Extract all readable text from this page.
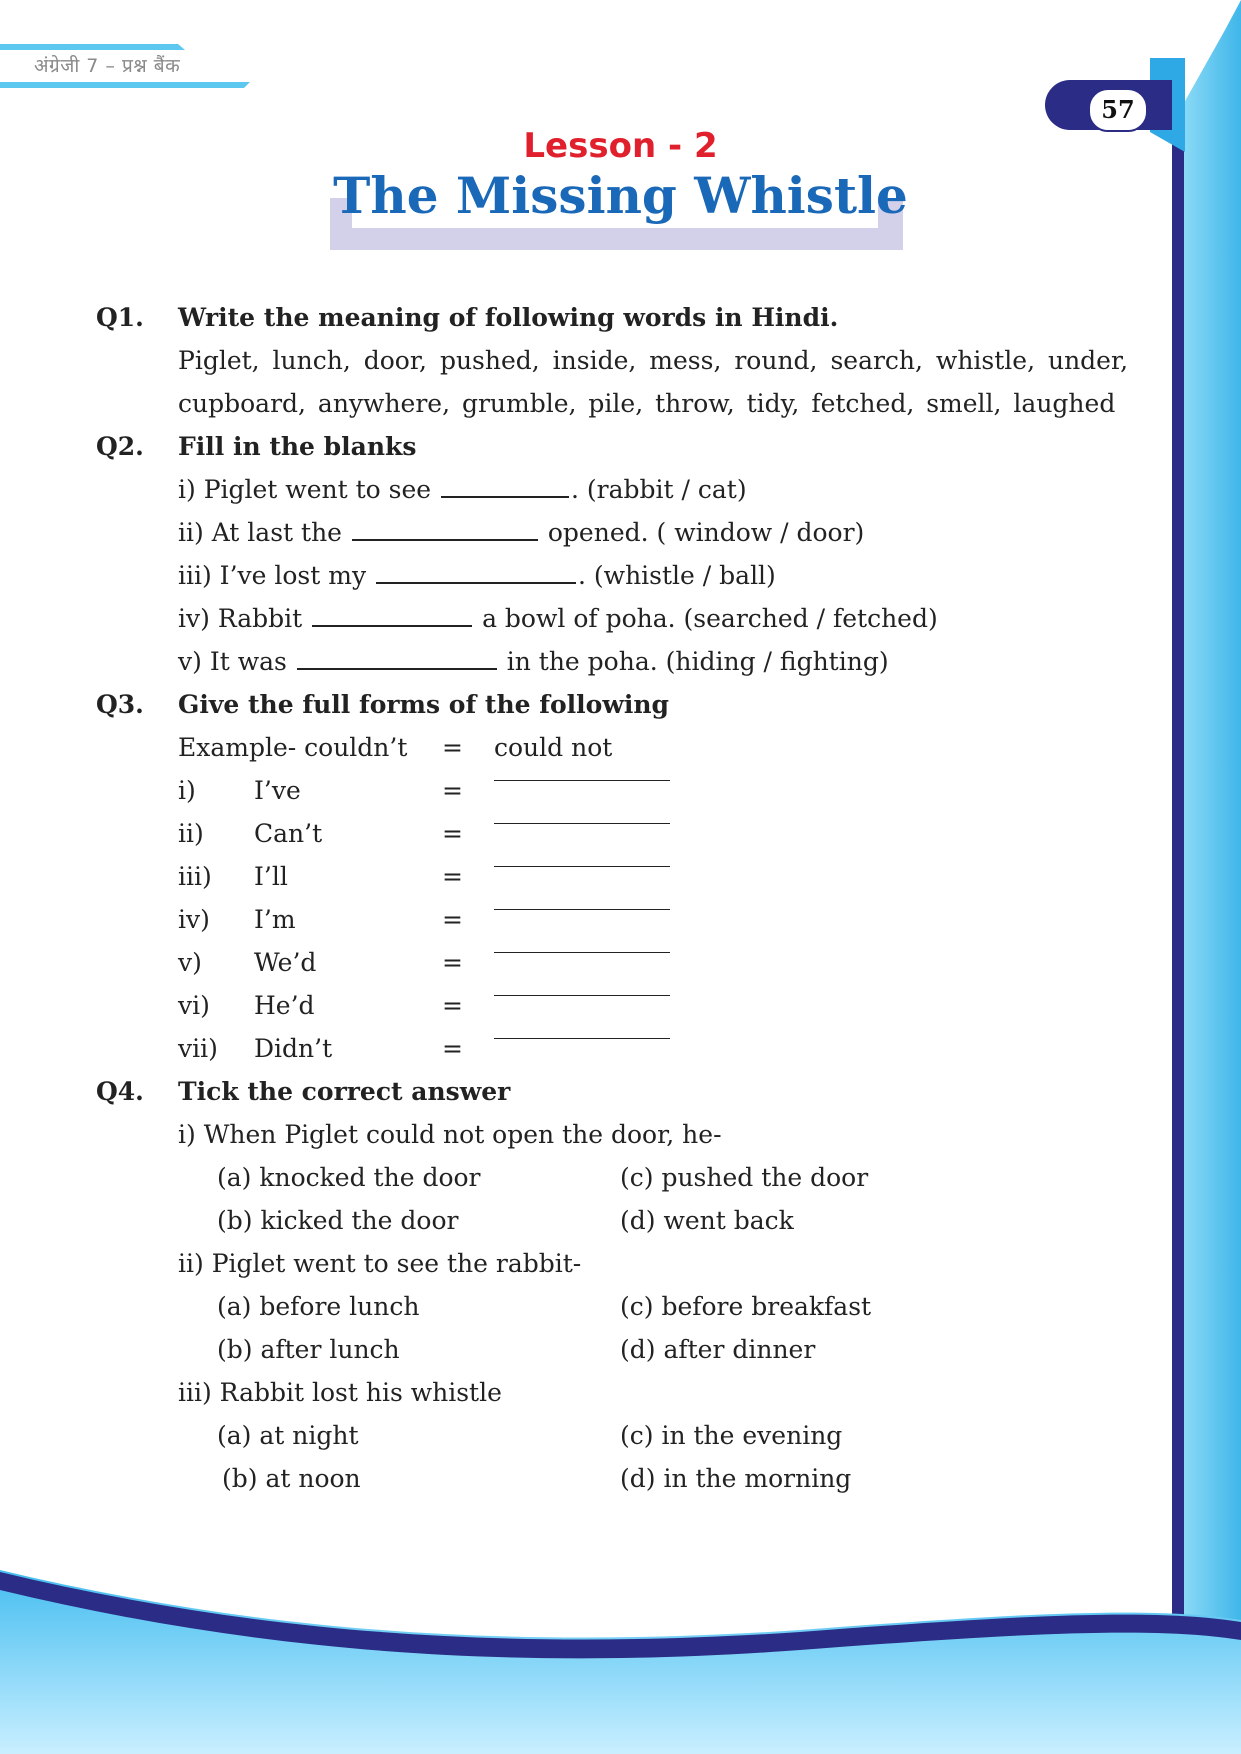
अंग्रेजी 7 – प्रश्न बैंक
57
Lesson - 2
The Missing Whistle
Q1. Write the meaning of following words in Hindi.
Piglet, lunch, door, pushed, inside, mess, round, search, whistle, under,
cupboard, anywhere, grumble, pile, throw, tidy, fetched, smell, laughed
Q2. Fill in the blanks
i) Piglet went to see	. (rabbit / cat)
ii) At last the	opened. ( window / door)
iii) I’ve lost my	. (whistle / ball)
iv) Rabbit	a bowl of poha. (searched / fetched)
v) It was	in the poha. (hiding / fighting)
Q3. Give the full forms of the following
Example- couldn’t = could not
i) I’ve	=
ii) Can’t	=
iii) I’ll	=
iv) I’m	=
v) We’d	=
vi) He’d	=
vii) Didn’t	=
Q4. Tick the correct answer
i) When Piglet could not open the door, he-
(a) knocked the door	(c) pushed the door
(b) kicked the door	(d) went back
ii) Piglet went to see the rabbit-
(a) before lunch	(c) before breakfast
(b) after lunch	(d) after dinner
iii) Rabbit lost his whistle
(a) at night	(c) in the evening
(b) at noon	(d) in the morning
